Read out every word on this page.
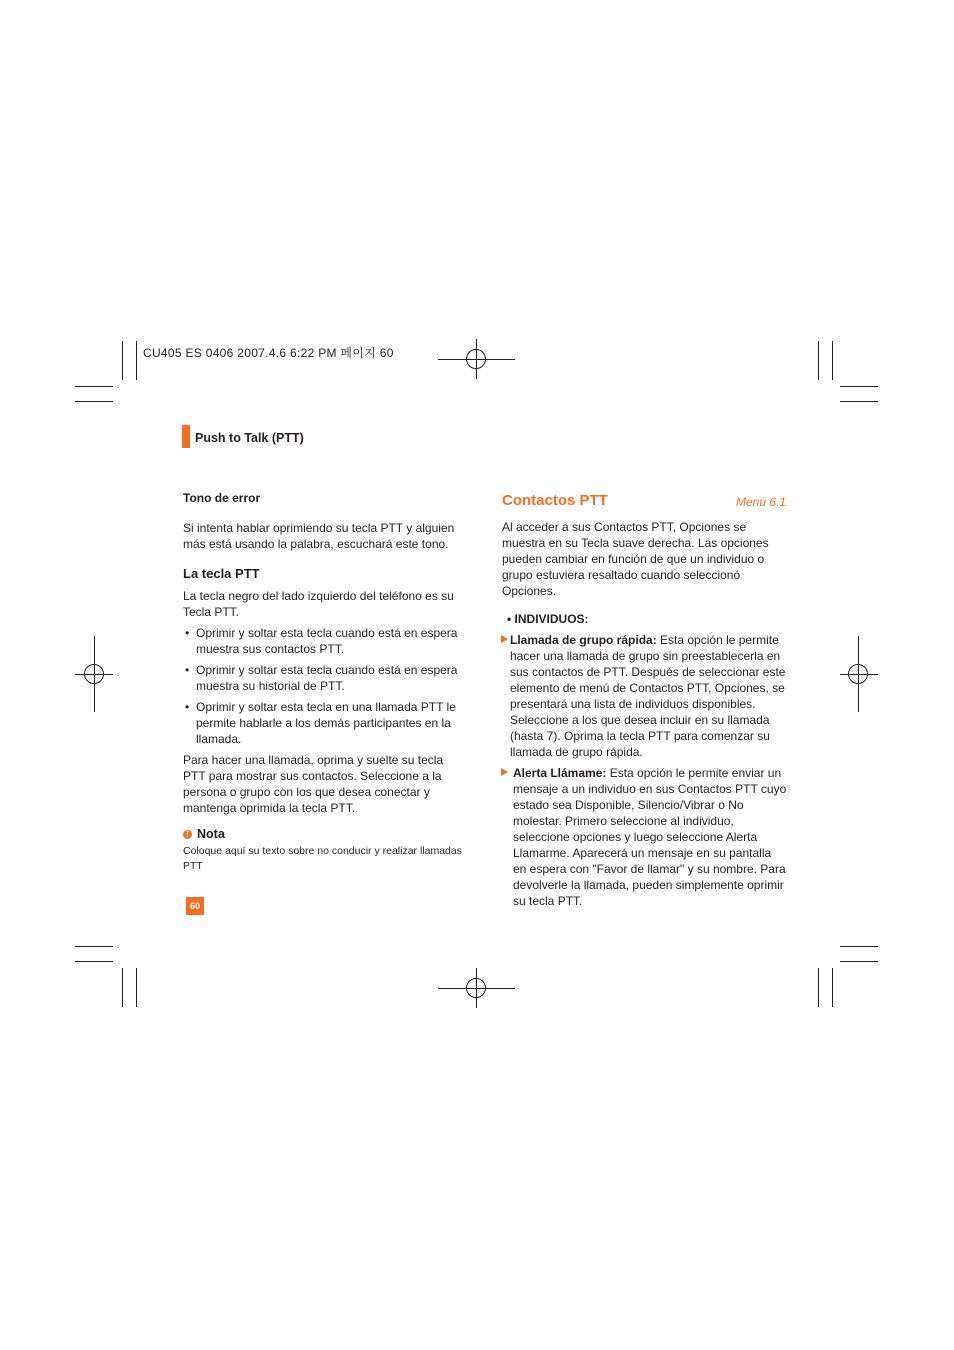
CU405 ES 0406 2007.4.6 6:22 PM 페이지 60
Push to Talk (PTT)

Tono de error

Si intenta hablar oprimiendo su tecla PTT y alguien más está usando la palabra, escuchará este tono.

La tecla PTT

La tecla negro del lado izquierdo del teléfono es su Tecla PTT.

• Oprimir y soltar esta tecla cuando está en espera muestra sus contactos PTT.
• Oprimir y soltar esta tecla cuando está en espera muestra su historial de PTT.
• Oprimir y soltar esta tecla en una llamada PTT le permite hablarle a los demás participantes en la llamada.

Para hacer una llamada, oprima y suelte su tecla PTT para mostrar sus contactos. Seleccione a la persona o grupo con los que desea conectar y mantenga oprimida la tecla PTT.

!
Nota

Coloque aquí su texto sobre no conducir y realizar llamadas PTT

60
Contactos PTT	Menú 6.1

Al acceder a sus Contactos PTT, Opciones se muestra en su Tecla suave derecha. Las opciones pueden cambiar en función de que un individuo o grupo estuviera resaltado cuando seleccionó Opciones.

• INDIVIDUOS:

Llamada de grupo rápida: Esta opción le permite hacer una llamada de grupo sin preestablecerla en sus contactos de PTT. Después de seleccionar este elemento de menú de Contactos PTT, Opciones, se presentará una lista de individuos disponibles. Seleccione a los que desea incluir en su llamada (hasta 7). Oprima la tecla PTT para comenzar su llamada de grupo rápida.
Alerta Llámame: Esta opción le permite enviar un mensaje a un individuo en sus Contactos PTT cuyo estado sea Disponible, Silencio/Vibrar o No molestar. Primero seleccione al individuo, seleccione opciones y luego seleccione Alerta Llamarme. Aparecerá un mensaje en su pantalla en espera con "Favor de llamar" y su nombre. Para devolverle la llamada, pueden simplemente oprimir su tecla PTT.
